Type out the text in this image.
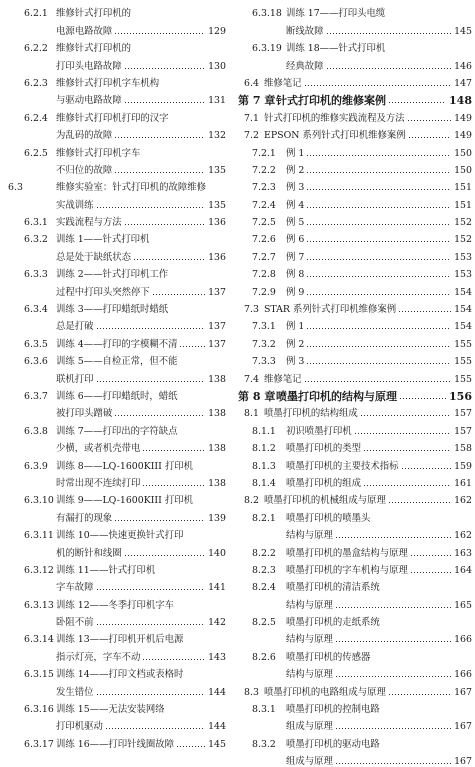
6.2.1 维修针式打印机的
电源电路故障	129
6.2.2 维修针式打印机的
打印头电路故障	130
6.2.3 维修针式打印机字车机构
与驱动电路故障	131
6.2.4 维修针式打印机打印的汉字
为乱码的故障	132
6.2.5 维修针式打印机字车
不归位的故障	135
6.3	维修实验室：针式打印机的故障维修
实战训练	135
6.3.1 实践流程与方法	136
6.3.2 训练 1——针式打印机
总是处于缺纸状态	136
6.3.3 训练 2——针式打印机工作
过程中打印头突然停下	137
6.3.4 训练 3——打印蜡纸时蜡纸
总是打破	137
6.3.5 训练 4——打印的字模糊不清	137
6.3.6 训练 5——自检正常，但不能
联机打印	138
6.3.7 训练 6——打印蜡纸时，蜡纸
被打印头蹭破	138
6.3.8 训练 7——打印出的字符缺点
少横，或者机壳带电	138
6.3.9 训练 8——LQ-1600KIII 打印机
时常出现不连续打印	138
6.3.10 训练 9——LQ-1600KIII 打印机
有漏打的现象	139
6.3.11 训练 10——快速更换针式打印
机的断针和线圈	140
6.3.12 训练 11——针式打印机
字车故障	141
6.3.13 训练 12——冬季打印机字车
卧阻不前	142
6.3.14 训练 13——打印机开机后电源
指示灯亮，字车不动	143
6.3.15 训练 14——打印文档或表格时
发生错位	144
6.3.16 训练 15——无法安装网络
打印机驱动	144
6.3.17 训练 16——打印针线圈故障	145
6.3.18 训练 17——打印头电缆
断线故障	145
6.3.19 训练 18——针式打印机
经典故障	146
6.4 维修笔记	147
第 7 章 针式打印机的维修案例	148
7.1 针式打印机的维修实践流程及方法	149
7.2 EPSON 系列针式打印机维修案例	149
7.2.1	例 1	150
7.2.2	例 2	150
7.2.3	例 3	151
7.2.4	例 4	151
7.2.5	例 5	152
7.2.6	例 6	152
7.2.7	例 7	153
7.2.8	例 8	153
7.2.9	例 9	154
7.3 STAR 系列针式打印机维修案例	154
7.3.1	例 1	154
7.3.2	例 2	155
7.3.3	例 3	155
7.4 维修笔记	155
第 8 章 喷墨打印机的结构与原理	156
8.1 喷墨打印机的结构组成	157
8.1.1	初识喷墨打印机	157
8.1.2	喷墨打印机的类型	158
8.1.3	喷墨打印机的主要技术指标	159
8.1.4	喷墨打印机的组成	161
8.2 喷墨打印机的机械组成与原理	162
8.2.1	喷墨打印机的喷墨头
结构与原理	162
8.2.2	喷墨打印机的墨盒结构与原理	163
8.2.3	喷墨打印机的字车机构与原理	164
8.2.4	喷墨打印机的清洁系统
结构与原理	165
8.2.5	喷墨打印机的走纸系统
结构与原理	166
8.2.6	喷墨打印机的传感器
结构与原理	166
8.3 喷墨打印机的电路组成与原理	167
8.3.1	喷墨打印机的控制电路
组成与原理	167
8.3.2	喷墨打印机的驱动电路
组成与原理	167
